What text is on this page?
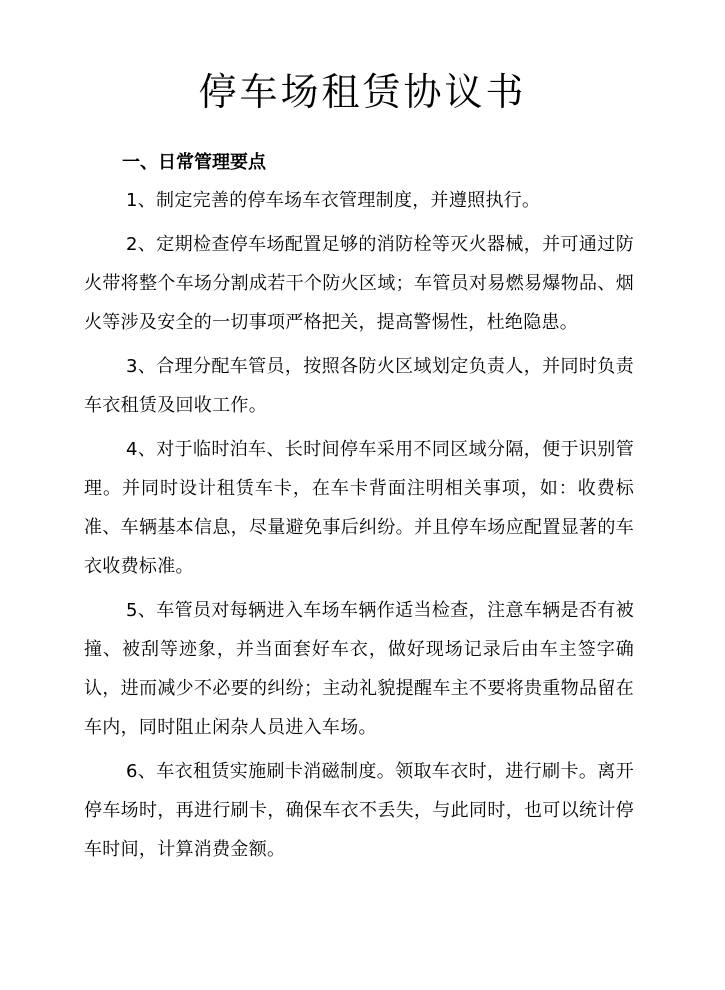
停车场租赁协议书

一、日常管理要点

1、制定完善的停车场车衣管理制度，并遵照执行。

2、定期检查停车场配置足够的消防栓等灭火器械，并可通过防火带将整个车场分割成若干个防火区域；车管员对易燃易爆物品、烟火等涉及安全的一切事项严格把关，提高警惕性，杜绝隐患。

3、合理分配车管员，按照各防火区域划定负责人，并同时负责车衣租赁及回收工作。

4、对于临时泊车、长时间停车采用不同区域分隔，便于识别管理。并同时设计租赁车卡，在车卡背面注明相关事项，如：收费标准、车辆基本信息，尽量避免事后纠纷。并且停车场应配置显著的车衣收费标准。

5、车管员对每辆进入车场车辆作适当检查，注意车辆是否有被撞、被刮等迹象，并当面套好车衣，做好现场记录后由车主签字确认，进而减少不必要的纠纷；主动礼貌提醒车主不要将贵重物品留在车内，同时阻止闲杂人员进入车场。

6、车衣租赁实施刷卡消磁制度。领取车衣时，进行刷卡。离开停车场时，再进行刷卡，确保车衣不丢失，与此同时，也可以统计停车时间，计算消费金额。
